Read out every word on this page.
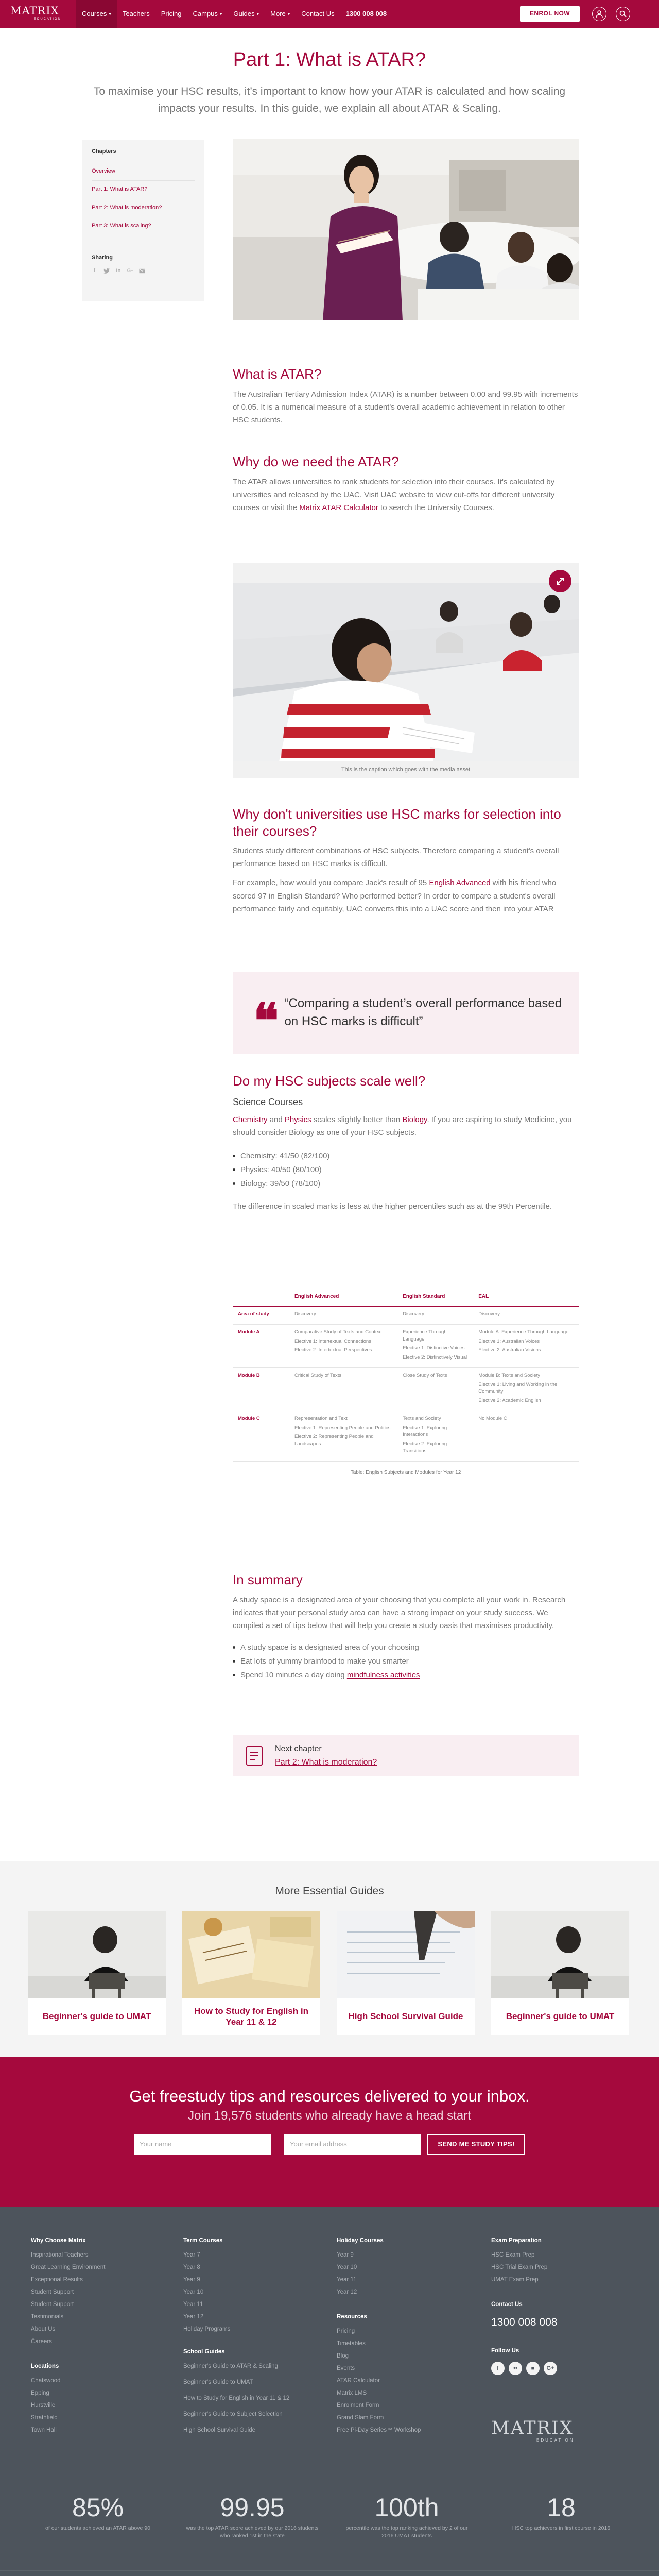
MATRIX
EDUCATION
Courses ▾	Teachers	Pricing	Campus ▾ Guides ▾ More ▾	Contact Us	1300 008 008	ENROL NOW
Part 1: What is ATAR?

To maximise your HSC results, it’s important to know how your ATAR is calculated and how scaling impacts your results. In this guide, we explain all about ATAR & Scaling.

Chapters
Overview
Part 1: What is ATAR?
Part 2: What is moderation?
Part 3: What is scaling?
Sharing
f	in G+
What is ATAR?

The Australian Tertiary Admission Index (ATAR) is a number between 0.00 and 99.95 with increments of 0.05. It is a numerical measure of a student's overall academic achievement in relation to other HSC students.

Why do we need the ATAR?

The ATAR allows universities to rank students for selection into their courses. It's calculated by universities and released by the UAC. Visit UAC website to view cut-offs for different university courses or visit the Matrix ATAR Calculator to search the University Courses.

This is the caption which goes with the media asset
Why don't universities use HSC marks for selection into their courses?

Students study different combinations of HSC subjects. Therefore comparing a student's overall performance based on HSC marks is difficult.

For example, how would you compare Jack's result of 95 English Advanced with his friend who scored 97 in English Standard? Who performed better? In order to compare a student's overall performance fairly and equitably, UAC converts this into a UAC score and then into your ATAR

❝ “Comparing a student’s overall performance based on HSC marks is difficult”
Do my HSC subjects scale well?
Science Courses

Chemistry and Physics scales slightly better than Biology. If you are aspiring to study Medicine, you should consider Biology as one of your HSC subjects.

Chemistry: 41/50 (82/100)
Physics: 40/50 (80/100)
Biology: 39/50 (78/100)

The difference in scaled marks is less at the higher percentiles such as at the 99th Percentile.

	English Advanced	English Standard	EAL
Area of study	Discovery	Discovery	Discovery

Module A	Comparative Study of Texts and Context
Elective 1: Intertextual Connections
Elective 2: Intertextual Perspectives	Experience Through Language
Elective 1: Distinctive Voices
Elective 2: Distinctively Visual	Module A: Experience Through Language
Elective 1: Australian Voices
Elective 2: Australian Visions

Module B	Critical Study of Texts	Close Study of Texts	Module B: Texts and Society
Elective 1: Living and Working in the Community
Elective 2: Academic English

Module C	Representation and Text
Elective 1: Representing People and Politics
Elective 2: Representing People and Landscapes	Texts and Society
Elective 1: Exploring Interactions
Elective 2: Exploring Transitions	No Module C
Table: English Subjects and Modules for Year 12
In summary

A study space is a designated area of your choosing that you complete all your work in. Research indicates that your personal study area can have a strong impact on your study success. We compiled a set of tips below that will help you create a study oasis that maximises productivity.

A study space is a designated area of your choosing
Eat lots of yummy brainfood to make you smarter
Spend 10 minutes a day doing mindfulness activities
Next chapter
Part 2: What is moderation?
More Essential Guides
Beginner's guide to UMAT
How to Study for English in Year 11 & 12
High School Survival Guide	Beginner's guide to UMAT
Get freestudy tips and resources delivered to your inbox.
Join 19,576 students who already have a head start
Your name	Your email address	SEND ME STUDY TIPS!
Why Choose Matrix
Inspirational Teachers
Great Learning Environment
Exceptional Results
Student Support
Student Support
Testimonials
About Us
Careers
Locations
Chatswood
Epping
Hurstville
Strathfield
Town Hall
Term Courses
Year 7
Year 8
Year 9
Year 10
Year 11
Year 12
Holiday Programs
School Guides
Beginner's Guide to ATAR & Scaling
Beginner's Guide to UMAT
How to Study for English in Year 11 & 12
Beginner's Guide to Subject Selection
High School Survival Guide
Holiday Courses
Year 9
Year 10
Year 11
Year 12
Resources
Pricing
Timetables
Blog
Events
ATAR Calculator
Matrix LMS
Enrolment Form
Grand Slam Form
Free Pi-Day Series™ Workshop
Exam Preparation
HSC Exam Prep
HSC Trial Exam Prep
UMAT Exam Prep
Contact Us
1300 008 008
Follow Us
f	••	■	G+
MATRIX
EDUCATION
85%
of our students achieved an ATAR above 90
99.95
was the top ATAR score achieved by our 2016 students who ranked 1st in the state
100th
percentile was the top ranking achieved by 2 of our 2016 UMAT students
18
HSC top achievers in first course in 2016
